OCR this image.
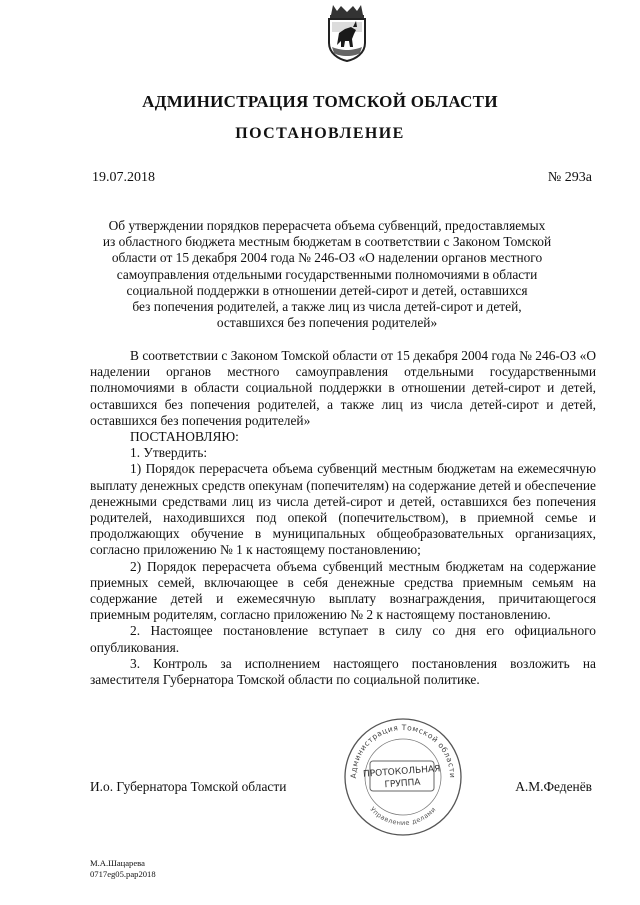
АДМИНИСТРАЦИЯ ТОМСКОЙ ОБЛАСТИ
ПОСТАНОВЛЕНИЕ
19.07.2018	№ 293а
Об утверждении порядков перерасчета объема субвенций, предоставляемых
из областного бюджета местным бюджетам в соответствии с Законом Томской
области от 15 декабря 2004 года № 246-ОЗ «О наделении органов местного
самоуправления отдельными государственными полномочиями в области
социальной поддержки в отношении детей-сирот и детей, оставшихся
без попечения родителей, а также лиц из числа детей-сирот и детей,
оставшихся без попечения родителей»

В соответствии с Законом Томской области от 15 декабря 2004 года № 246-ОЗ «О наделении органов местного самоуправления отдельными государственными полномочиями в области социальной поддержки в отношении детей-сирот и детей, оставшихся без попечения родителей, а также лиц из числа детей-сирот и детей, оставшихся без попечения родителей»

ПОСТАНОВЛЯЮ:

1. Утвердить:

1) Порядок перерасчета объема субвенций местным бюджетам на ежемесячную выплату денежных средств опекунам (попечителям) на содержание детей и обеспечение денежными средствами лиц из числа детей-сирот и детей, оставшихся без попечения родителей, находившихся под опекой (попечительством), в приемной семье и продолжающих обучение в муниципальных общеобразовательных организациях, согласно приложению № 1 к настоящему постановлению;

2) Порядок перерасчета объема субвенций местным бюджетам на содержание приемных семей, включающее в себя денежные средства приемным семьям на содержание детей и ежемесячную выплату вознаграждения, причитающегося приемным родителям, согласно приложению № 2 к настоящему постановлению.

2. Настоящее постановление вступает в силу со дня его официального опубликования.

3. Контроль за исполнением настоящего постановления возложить на заместителя Губернатора Томской области по социальной политике.

Администрация Томской области
Управление делами
ПРОТОКОЛЬНАЯ
ГРУППА
И.о. Губернатора Томской области	А.М.Феденёв
М.А.Шацарева
0717eg05.pap2018
